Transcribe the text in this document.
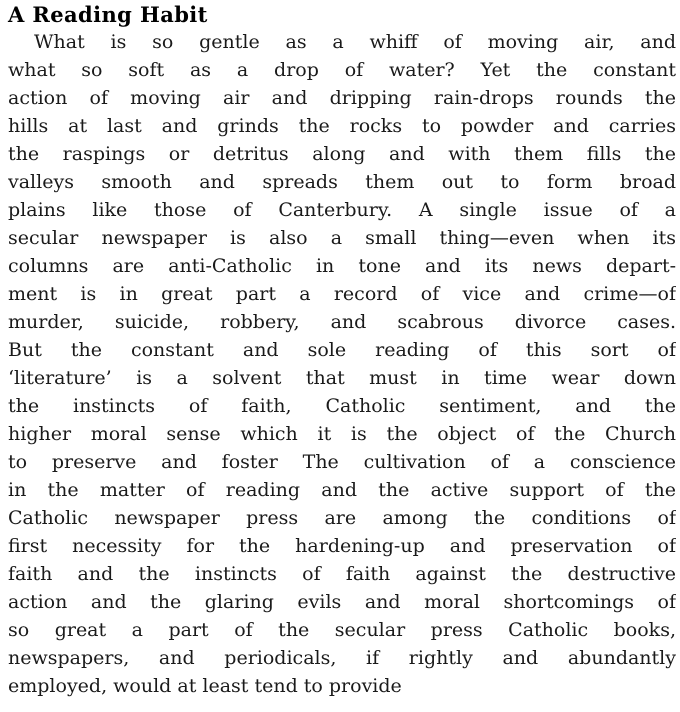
A Reading Habit
What is so gentle as a whiff of moving air, and
what so soft as a drop of water? Yet the constant
action of moving air and dripping rain-drops rounds the
hills at last and grinds the rocks to powder and carries
the raspings or detritus along and with them fills the
valleys smooth and spreads them out to form broad
plains like those of Canterbury. A single issue of a
secular newspaper is also a small thing—even when its
columns are anti-Catholic in tone and its news depart-
ment is in great part a record of vice and crime—of
murder, suicide, robbery, and scabrous divorce cases.
But the constant and sole reading of this sort of
‘literature’ is a solvent that must in time wear down
the instincts of faith, Catholic sentiment, and the
higher moral sense which it is the object of the Church
to preserve and foster The cultivation of a conscience
in the matter of reading and the active support of the
Catholic newspaper press are among the conditions of
first necessity for the hardening-up and preservation of
faith and the instincts of faith against the destructive
action and the glaring evils and moral shortcomings of
so great a part of the secular press Catholic books,
newspapers, and periodicals, if rightly and abundantly
employed, would at least tend to provide
